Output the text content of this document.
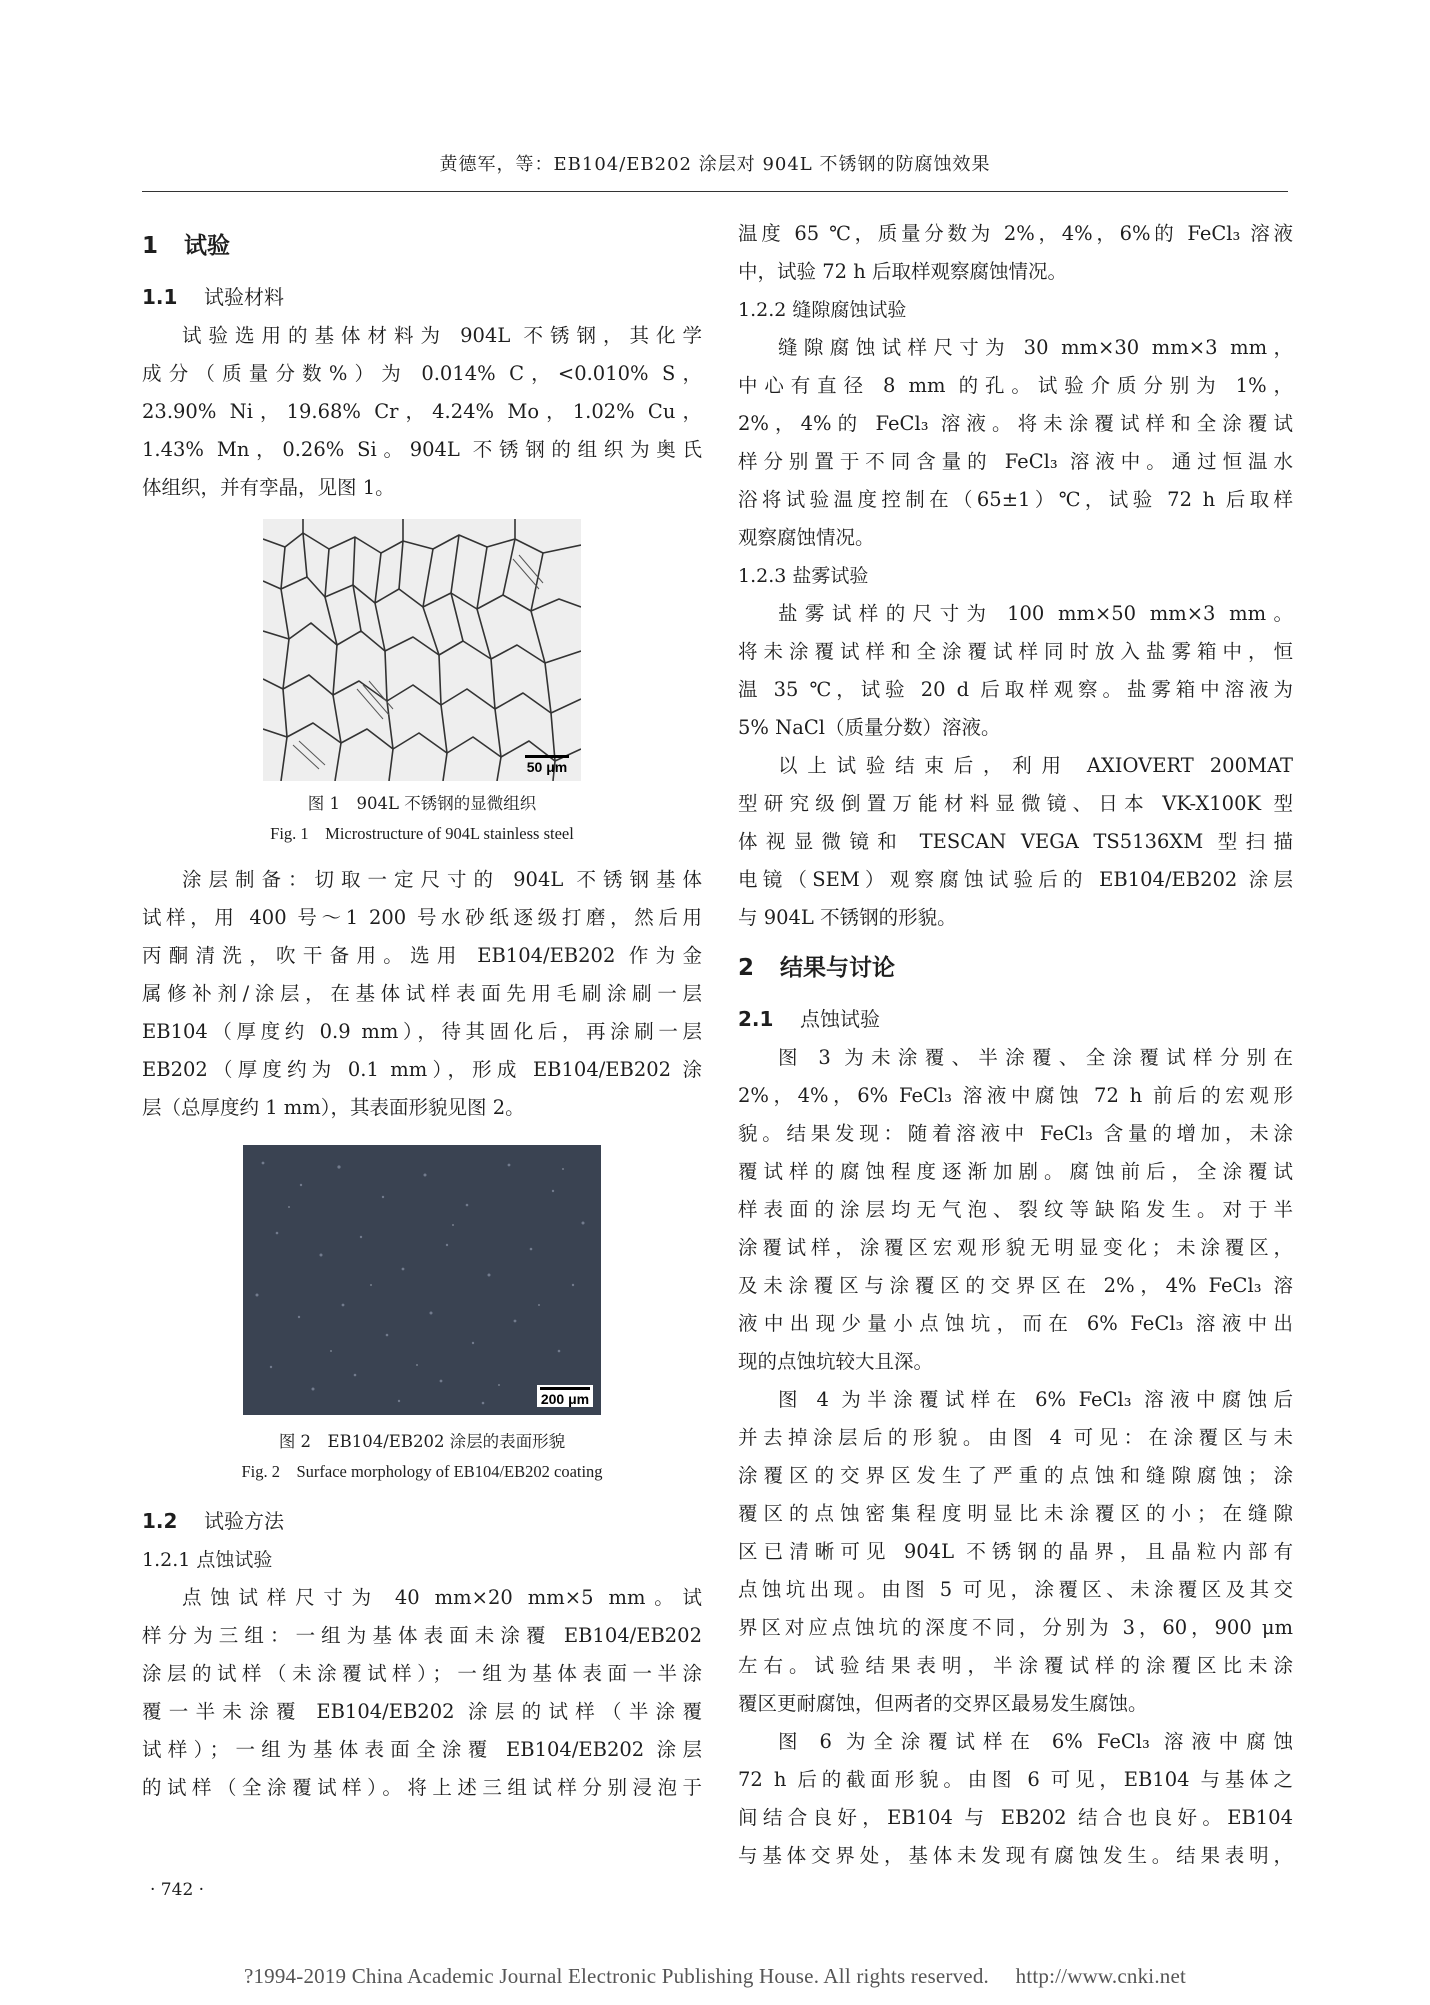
黄德军，等：EB104/EB202 涂层对 904L 不锈钢的防腐蚀效果
1 试验
1.1 试验材料
试验选用的基体材料为 904L 不锈钢，其化学
成分（质量分数%）为 0.014% C，<0.010% S，
23.90% Ni，19.68% Cr，4.24% Mo，1.02% Cu，
1.43% Mn，0.26% Si。904L 不锈钢的组织为奥氏
体组织，并有孪晶，见图 1。
50 μm
图 1　904L 不锈钢的显微组织
Fig. 1　Microstructure of 904L stainless steel
涂层制备：切取一定尺寸的 904L 不锈钢基体
试样，用 400 号～1 200 号水砂纸逐级打磨，然后用
丙酮清洗，吹干备用。选用 EB104/EB202 作为金
属修补剂/涂层，在基体试样表面先用毛刷涂刷一层
EB104（厚度约 0.9 mm），待其固化后，再涂刷一层
EB202（厚度约为 0.1 mm），形成 EB104/EB202 涂
层（总厚度约 1 mm），其表面形貌见图 2。
200 μm
图 2　EB104/EB202 涂层的表面形貌
Fig. 2　Surface morphology of EB104/EB202 coating
1.2 试验方法
1.2.1 点蚀试验
点蚀试样尺寸为 40 mm×20 mm×5 mm。试
样分为三组：一组为基体表面未涂覆 EB104/EB202
涂层的试样（未涂覆试样）；一组为基体表面一半涂
覆一半未涂覆 EB104/EB202 涂层的试样（半涂覆
试样）；一组为基体表面全涂覆 EB104/EB202 涂层
的试样（全涂覆试样）。将上述三组试样分别浸泡于
温度 65 ℃，质量分数为 2%，4%，6%的 FeCl₃ 溶液
中，试验 72 h 后取样观察腐蚀情况。
1.2.2 缝隙腐蚀试验
缝隙腐蚀试样尺寸为 30 mm×30 mm×3 mm，
中心有直径 8 mm 的孔。试验介质分别为 1%，
2%，4%的 FeCl₃ 溶液。将未涂覆试样和全涂覆试
样分别置于不同含量的 FeCl₃ 溶液中。通过恒温水
浴将试验温度控制在（65±1）℃，试验 72 h 后取样
观察腐蚀情况。
1.2.3 盐雾试验
盐雾试样的尺寸为 100 mm×50 mm×3 mm。
将未涂覆试样和全涂覆试样同时放入盐雾箱中，恒
温 35 ℃，试验 20 d 后取样观察。盐雾箱中溶液为
5% NaCl（质量分数）溶液。
以上试验结束后，利用 AXIOVERT 200MAT
型研究级倒置万能材料显微镜、日本 VK-X100K 型
体视显微镜和 TESCAN VEGA TS5136XM 型扫描
电镜（SEM）观察腐蚀试验后的 EB104/EB202 涂层
与 904L 不锈钢的形貌。
2 结果与讨论
2.1 点蚀试验
图 3 为未涂覆、半涂覆、全涂覆试样分别在
2%，4%，6% FeCl₃ 溶液中腐蚀 72 h 前后的宏观形
貌。结果发现：随着溶液中 FeCl₃ 含量的增加，未涂
覆试样的腐蚀程度逐渐加剧。腐蚀前后，全涂覆试
样表面的涂层均无气泡、裂纹等缺陷发生。对于半
涂覆试样，涂覆区宏观形貌无明显变化；未涂覆区，
及未涂覆区与涂覆区的交界区在 2%，4% FeCl₃ 溶
液中出现少量小点蚀坑，而在 6% FeCl₃ 溶液中出
现的点蚀坑较大且深。
图 4 为半涂覆试样在 6% FeCl₃ 溶液中腐蚀后
并去掉涂层后的形貌。由图 4 可见：在涂覆区与未
涂覆区的交界区发生了严重的点蚀和缝隙腐蚀；涂
覆区的点蚀密集程度明显比未涂覆区的小；在缝隙
区已清晰可见 904L 不锈钢的晶界，且晶粒内部有
点蚀坑出现。由图 5 可见，涂覆区、未涂覆区及其交
界区对应点蚀坑的深度不同，分别为 3，60，900 μm
左右。试验结果表明，半涂覆试样的涂覆区比未涂
覆区更耐腐蚀，但两者的交界区最易发生腐蚀。
图 6 为全涂覆试样在 6% FeCl₃ 溶液中腐蚀
72 h 后的截面形貌。由图 6 可见，EB104 与基体之
间结合良好，EB104 与 EB202 结合也良好。EB104
与基体交界处，基体未发现有腐蚀发生。结果表明，
· 742 ·
?1994-2019 China Academic Journal Electronic Publishing House. All rights reserved.　 http://www.cnki.net
